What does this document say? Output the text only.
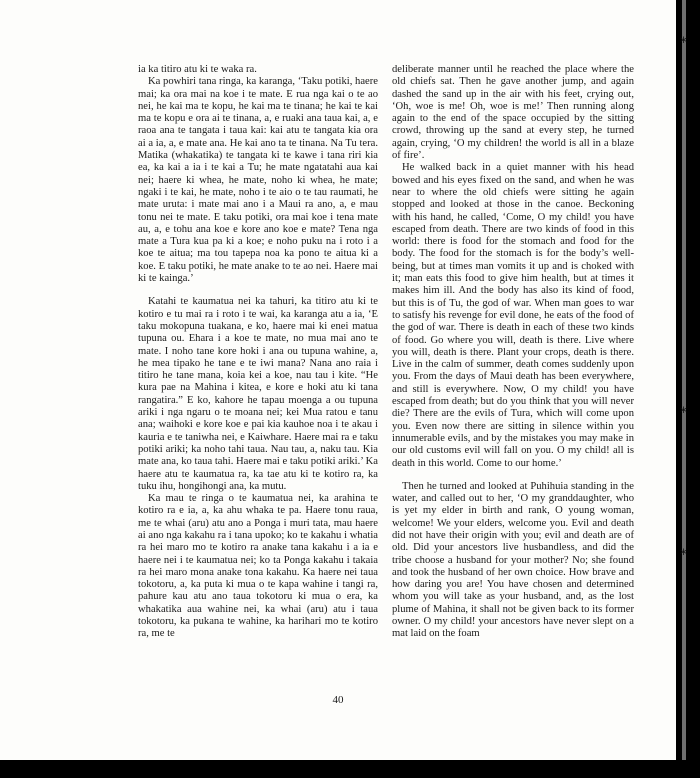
*
*
*

ia ka titiro atu ki te waka ra.

Ka powhiri tana ringa, ka karanga, ‘Taku potiki, haere mai; ka ora mai na koe i te mate. E rua nga kai o te ao nei, he kai ma te kopu, he kai ma te tinana; he kai te kai ma te kopu e ora ai te tinana, a, e ruaki ana taua kai, a, e raoa ana te tangata i taua kai: kai atu te tangata kia ora ai a ia, a, e mate ana. He kai ano ta te tinana. Na Tu tera. Matika (whakatika) te tangata ki te kawe i tana riri kia ea, ka kai a ia i te kai a Tu; he mate ngatatahi aua kai nei; haere ki whea, he mate, noho ki whea, he mate; ngaki i te kai, he mate, noho i te aio o te tau raumati, he mate uruta: i mate mai ano i a Maui ra ano, a, e mau tonu nei te mate. E taku potiki, ora mai koe i tena mate au, a, e tohu ana koe e kore ano koe e mate? Tena nga mate a Tura kua pa ki a koe; e noho puku na i roto i a koe te aitua; ma tou tapepa noa ka pono te aitua ki a koe. E taku potiki, he mate anake to te ao nei. Haere mai ki te kainga.’

Katahi te kaumatua nei ka tahuri, ka titiro atu ki te kotiro e tu mai ra i roto i te wai, ka karanga atu a ia, ‘E taku mokopuna tuakana, e ko, haere mai ki enei matua tupuna ou. Ehara i a koe te mate, no mua mai ano te mate. I noho tane kore hoki i ana ou tupuna wahine, a, he mea tipako he tane e te iwi mana? Nana ano raia i titiro he tane mana, koia kei a koe, nau tau i kite. “He kura pae na Mahina i kitea, e kore e hoki atu ki tana rangatira.” E ko, kahore he tapau moenga a ou tupuna ariki i nga ngaru o te moana nei; kei Mua ratou e tanu ana; waihoki e kore koe e pai kia kauhoe noa i te akau i kauria e te taniwha nei, e Kaiwhare. Haere mai ra e taku potiki ariki; ka noho tahi taua. Nau tau, a, naku tau. Kia mate ana, ko taua tahi. Haere mai e taku potiki ariki.’ Ka haere atu te kaumatua ra, ka tae atu ki te kotiro ra, ka tuku ihu, hongihongi ana, ka mutu.

Ka mau te ringa o te kaumatua nei, ka arahina te kotiro ra e ia, a, ka ahu whaka te pa. Haere tonu raua, me te whai (aru) atu ano a Ponga i muri tata, mau haere ai ano nga kakahu ra i tana upoko; ko te kakahu i whatia ra hei maro mo te kotiro ra anake tana kakahu i a ia e haere nei i te kaumatua nei; ko ta Ponga kakahu i takaia ra hei maro mona anake tona kakahu. Ka haere nei taua tokotoru, a, ka puta ki mua o te kapa wahine i tangi ra, pahure kau atu ano taua tokotoru ki mua o era, ka whakatika aua wahine nei, ka whai (aru) atu i taua tokotoru, ka pukana te wahine, ka harihari mo te kotiro ra, me te

deliberate manner until he reached the place where the old chiefs sat. Then he gave another jump, and again dashed the sand up in the air with his feet, crying out, ‘Oh, woe is me! Oh, woe is me!’ Then running along again to the end of the space occupied by the sitting crowd, throwing up the sand at every step, he turned again, crying, ‘O my children! the world is all in a blaze of fire’.

He walked back in a quiet manner with his head bowed and his eyes fixed on the sand, and when he was near to where the old chiefs were sitting he again stopped and looked at those in the canoe. Beckoning with his hand, he called, ‘Come, O my child! you have escaped from death. There are two kinds of food in this world: there is food for the stomach and food for the body. The food for the stomach is for the body’s well-being, but at times man vomits it up and is choked with it; man eats this food to give him health, but at times it makes him ill. And the body has also its kind of food, but this is of Tu, the god of war. When man goes to war to satisfy his revenge for evil done, he eats of the food of the god of war. There is death in each of these two kinds of food. Go where you will, death is there. Live where you will, death is there. Plant your crops, death is there. Live in the calm of summer, death comes suddenly upon you. From the days of Maui death has been everywhere, and still is everywhere. Now, O my child! you have escaped from death; but do you think that you will never die? There are the evils of Tura, which will come upon you. Even now there are sitting in silence within you innumerable evils, and by the mistakes you may make in our old customs evil will fall on you. O my child! all is death in this world. Come to our home.’

Then he turned and looked at Puhihuia standing in the water, and called out to her, ‘O my granddaughter, who is yet my elder in birth and rank, O young woman, welcome! We your elders, welcome you. Evil and death did not have their origin with you; evil and death are of old. Did your ancestors live husbandless, and did the tribe choose a husband for your mother? No; she found and took the husband of her own choice. How brave and how daring you are! You have chosen and determined whom you will take as your husband, and, as the lost plume of Mahina, it shall not be given back to its former owner. O my child! your ancestors have never slept on a mat laid on the foam

40
